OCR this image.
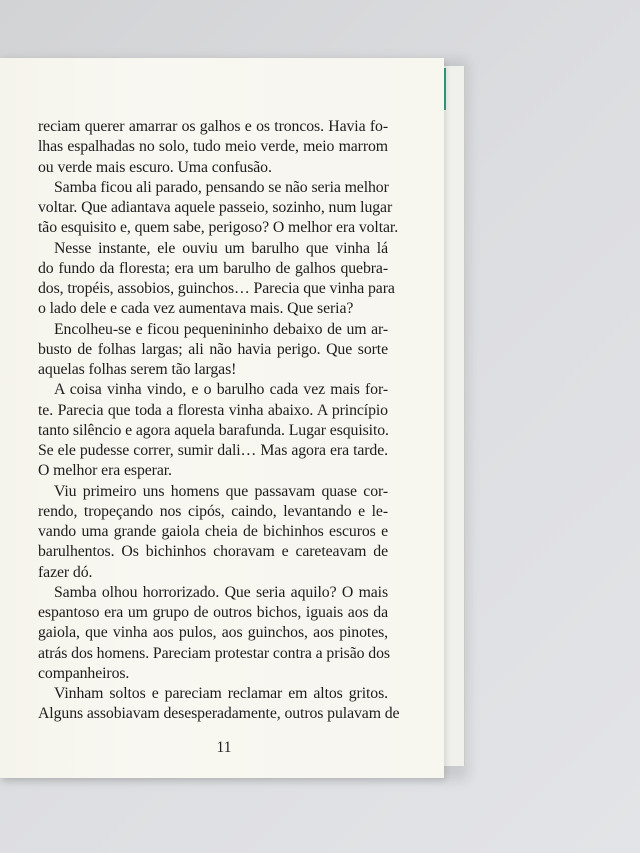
reciam querer amarrar os galhos e os troncos. Havia fo-
lhas espalhadas no solo, tudo meio verde, meio marrom
ou verde mais escuro. Uma confusão.
Samba ficou ali parado, pensando se não seria melhor
voltar. Que adiantava aquele passeio, sozinho, num lugar
tão esquisito e, quem sabe, perigoso? O melhor era voltar.
Nesse instante, ele ouviu um barulho que vinha lá
do fundo da floresta; era um barulho de galhos quebra-
dos, tropéis, assobios, guinchos… Parecia que vinha para
o lado dele e cada vez aumentava mais. Que seria?
Encolheu-se e ficou pequenininho debaixo de um ar-
busto de folhas largas; ali não havia perigo. Que sorte
aquelas folhas serem tão largas!
A coisa vinha vindo, e o barulho cada vez mais for-
te. Parecia que toda a floresta vinha abaixo. A princípio
tanto silêncio e agora aquela barafunda. Lugar esquisito.
Se ele pudesse correr, sumir dali… Mas agora era tarde.
O melhor era esperar.
Viu primeiro uns homens que passavam quase cor-
rendo, tropeçando nos cipós, caindo, levantando e le-
vando uma grande gaiola cheia de bichinhos escuros e
barulhentos. Os bichinhos choravam e careteavam de
fazer dó.
Samba olhou horrorizado. Que seria aquilo? O mais
espantoso era um grupo de outros bichos, iguais aos da
gaiola, que vinha aos pulos, aos guinchos, aos pinotes,
atrás dos homens. Pareciam protestar contra a prisão dos
companheiros.
Vinham soltos e pareciam reclamar em altos gritos.
Alguns assobiavam desesperadamente, outros pulavam de
11
